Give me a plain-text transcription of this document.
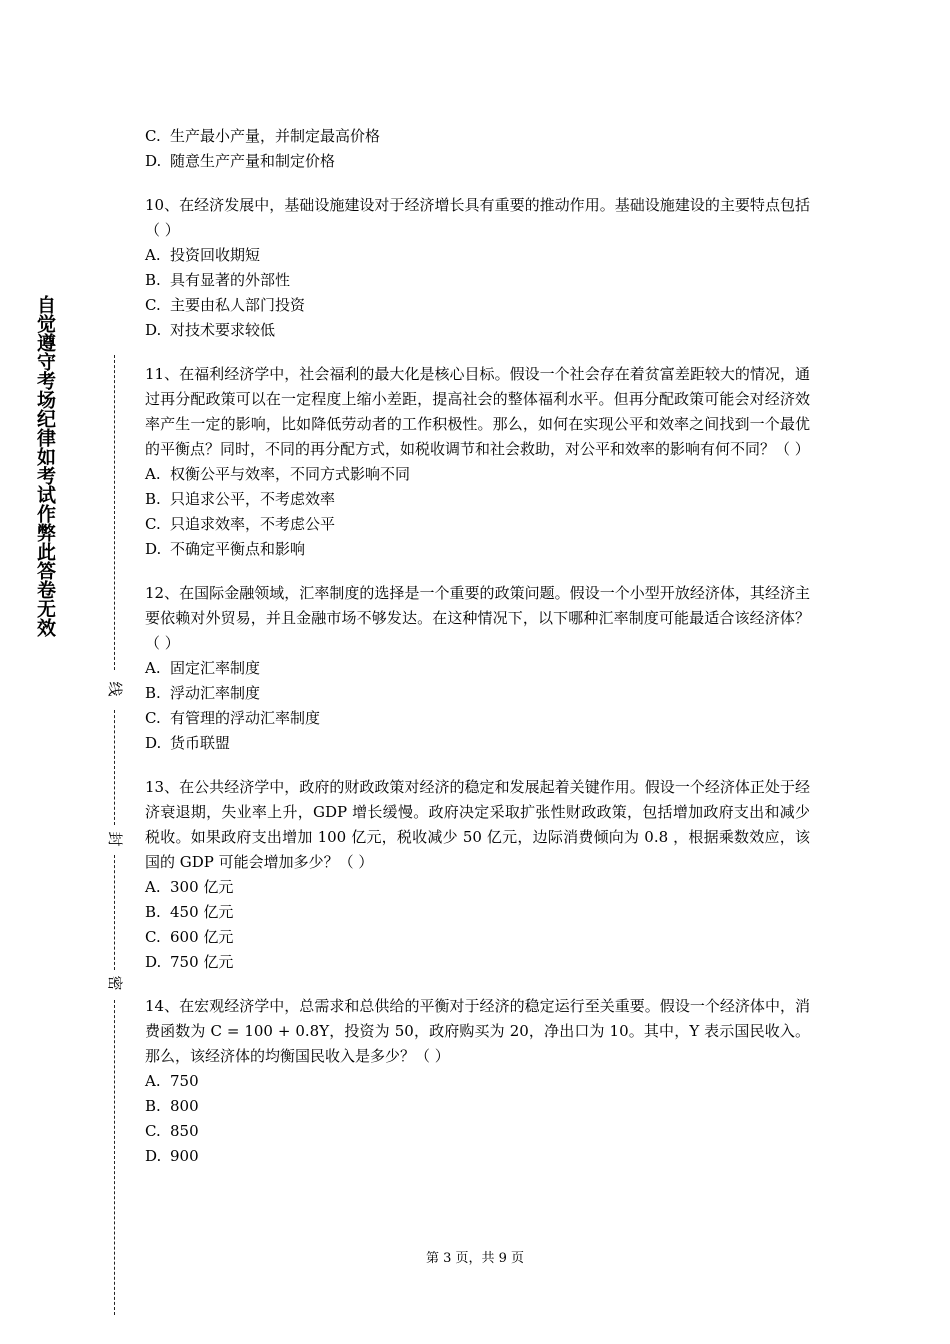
自觉遵守考场纪律如考试作弊此答卷无效
线
封
密

C. 生产最小产量，并制定最高价格

D. 随意生产产量和制定价格

10、在经济发展中，基础设施建设对于经济增长具有重要的推动作用。基础设施建设的主要特点包括（ ）

A. 投资回收期短

B. 具有显著的外部性

C. 主要由私人部门投资

D. 对技术要求较低

11、在福利经济学中，社会福利的最大化是核心目标。假设一个社会存在着贫富差距较大的情况，通过再分配政策可以在一定程度上缩小差距，提高社会的整体福利水平。但再分配政策可能会对经济效率产生一定的影响，比如降低劳动者的工作积极性。那么，如何在实现公平和效率之间找到一个最优的平衡点？同时，不同的再分配方式，如税收调节和社会救助，对公平和效率的影响有何不同？（ ）

A. 权衡公平与效率，不同方式影响不同

B. 只追求公平，不考虑效率

C. 只追求效率，不考虑公平

D. 不确定平衡点和影响

12、在国际金融领域，汇率制度的选择是一个重要的政策问题。假设一个小型开放经济体，其经济主要依赖对外贸易，并且金融市场不够发达。在这种情况下，以下哪种汇率制度可能最适合该经济体？（ ）

A. 固定汇率制度

B. 浮动汇率制度

C. 有管理的浮动汇率制度

D. 货币联盟

13、在公共经济学中，政府的财政政策对经济的稳定和发展起着关键作用。假设一个经济体正处于经济衰退期，失业率上升，GDP 增长缓慢。政府决定采取扩张性财政政策，包括增加政府支出和减少税收。如果政府支出增加 100 亿元，税收减少 50 亿元，边际消费倾向为 0.8 ，根据乘数效应，该国的 GDP 可能会增加多少？（ ）

A. 300 亿元

B. 450 亿元

C. 600 亿元

D. 750 亿元

14、在宏观经济学中，总需求和总供给的平衡对于经济的稳定运行至关重要。假设一个经济体中，消费函数为 C = 100 + 0.8Y，投资为 50，政府购买为 20，净出口为 10。其中，Y 表示国民收入。那么，该经济体的均衡国民收入是多少？（ ）

A. 750

B. 800

C. 850

D. 900

第 3 页，共 9 页
